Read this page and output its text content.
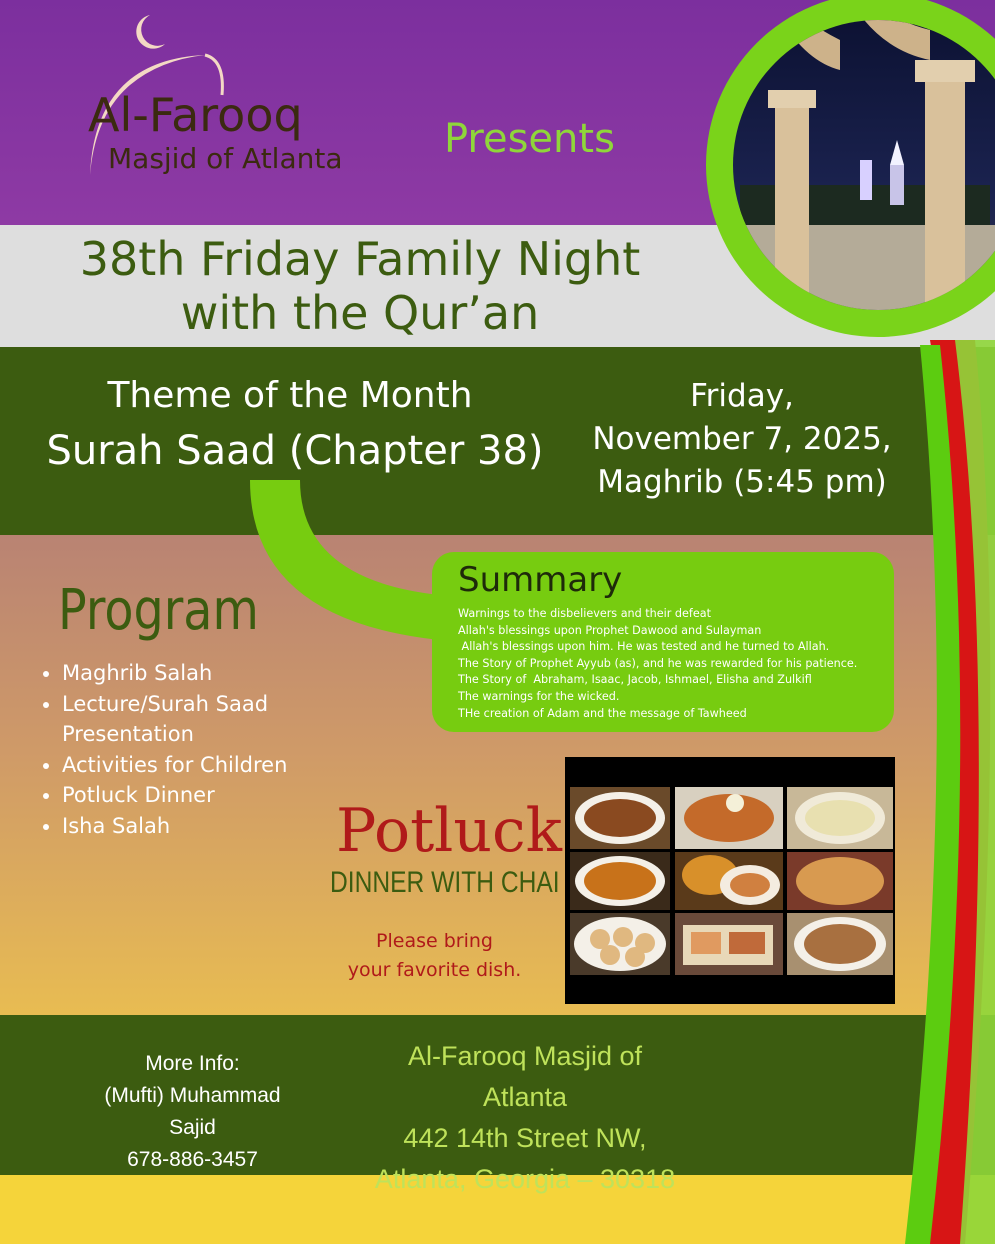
Al-Farooq
Masjid of Atlanta	Presents
38th Friday Family Night
with the Qur’an
Theme of the Month
Surah Saad (Chapter 38)
Friday,
November 7, 2025,
Maghrib (5:45 pm)
Program
• Maghrib Salah
• Lecture/Surah Saad Presentation
• Activities for Children
• Potluck Dinner
• Isha Salah
Summary
Warnings to the disbelievers and their defeat
Allah's blessings upon Prophet Dawood and Sulayman
Allah's blessings upon him. He was tested and he turned to Allah.
The Story of Prophet Ayyub (as), and he was rewarded for his patience.
The Story of  Abraham, Isaac, Jacob, Ishmael, Elisha and Zulkifl
The warnings for the wicked.
THe creation of Adam and the message of Tawheed
Potluck
DINNER WITH CHAI
Please bring
your favorite dish.
More Info:
(Mufti) Muhammad Sajid
678-886-3457
Al-Farooq Masjid of Atlanta
442 14th Street NW,
Atlanta, Georgia – 30318
